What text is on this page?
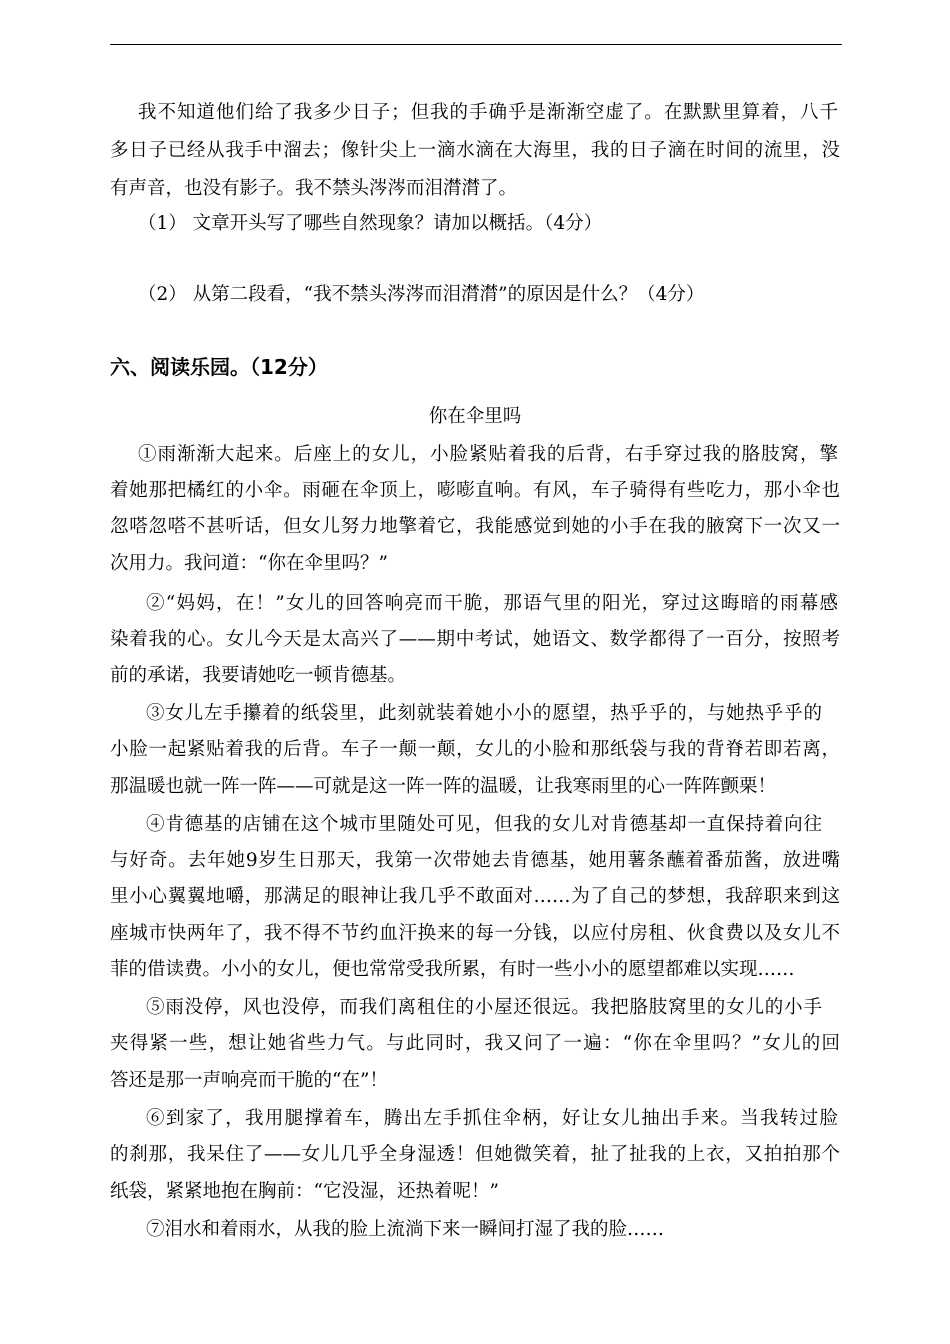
我不知道他们给了我多少日子；但我的手确乎是渐渐空虚了。在默默里算着，八千
多日子已经从我手中溜去；像针尖上一滴水滴在大海里，我的日子滴在时间的流里，没
有声音，也没有影子。我不禁头涔涔而泪潸潸了。
（1） 文章开头写了哪些自然现象？请加以概括。（4分）
（2） 从第二段看，“我不禁头涔涔而泪潸潸”的原因是什么？（4分）
六、阅读乐园。（12分）
你在伞里吗
①雨渐渐大起来。后座上的女儿，小脸紧贴着我的后背，右手穿过我的胳肢窝，擎
着她那把橘红的小伞。雨砸在伞顶上，嘭嘭直响。有风，车子骑得有些吃力，那小伞也
忽嗒忽嗒不甚听话，但女儿努力地擎着它，我能感觉到她的小手在我的腋窝下一次又一
次用力。我问道：“你在伞里吗？”
②“妈妈，在！”女儿的回答响亮而干脆，那语气里的阳光，穿过这晦暗的雨幕感
染着我的心。女儿今天是太高兴了——期中考试，她语文、数学都得了一百分，按照考
前的承诺，我要请她吃一顿肯德基。
③女儿左手攥着的纸袋里，此刻就装着她小小的愿望，热乎乎的，与她热乎乎的
小脸一起紧贴着我的后背。车子一颠一颠，女儿的小脸和那纸袋与我的背脊若即若离，
那温暖也就一阵一阵——可就是这一阵一阵的温暖，让我寒雨里的心一阵阵颤栗！
④肯德基的店铺在这个城市里随处可见，但我的女儿对肯德基却一直保持着向往
与好奇。去年她9岁生日那天，我第一次带她去肯德基，她用薯条蘸着番茄酱，放进嘴
里小心翼翼地嚼，那满足的眼神让我几乎不敢面对……为了自己的梦想，我辞职来到这
座城市快两年了，我不得不节约血汗换来的每一分钱，以应付房租、伙食费以及女儿不
菲的借读费。小小的女儿，便也常常受我所累，有时一些小小的愿望都难以实现……
⑤雨没停，风也没停，而我们离租住的小屋还很远。我把胳肢窝里的女儿的小手
夹得紧一些，想让她省些力气。与此同时，我又问了一遍：“你在伞里吗？”女儿的回
答还是那一声响亮而干脆的“在”！
⑥到家了，我用腿撑着车，腾出左手抓住伞柄，好让女儿抽出手来。当我转过脸
的刹那，我呆住了——女儿几乎全身湿透！但她微笑着，扯了扯我的上衣，又拍拍那个
纸袋，紧紧地抱在胸前：“它没湿，还热着呢！”
⑦泪水和着雨水，从我的脸上流淌下来一瞬间打湿了我的脸……
